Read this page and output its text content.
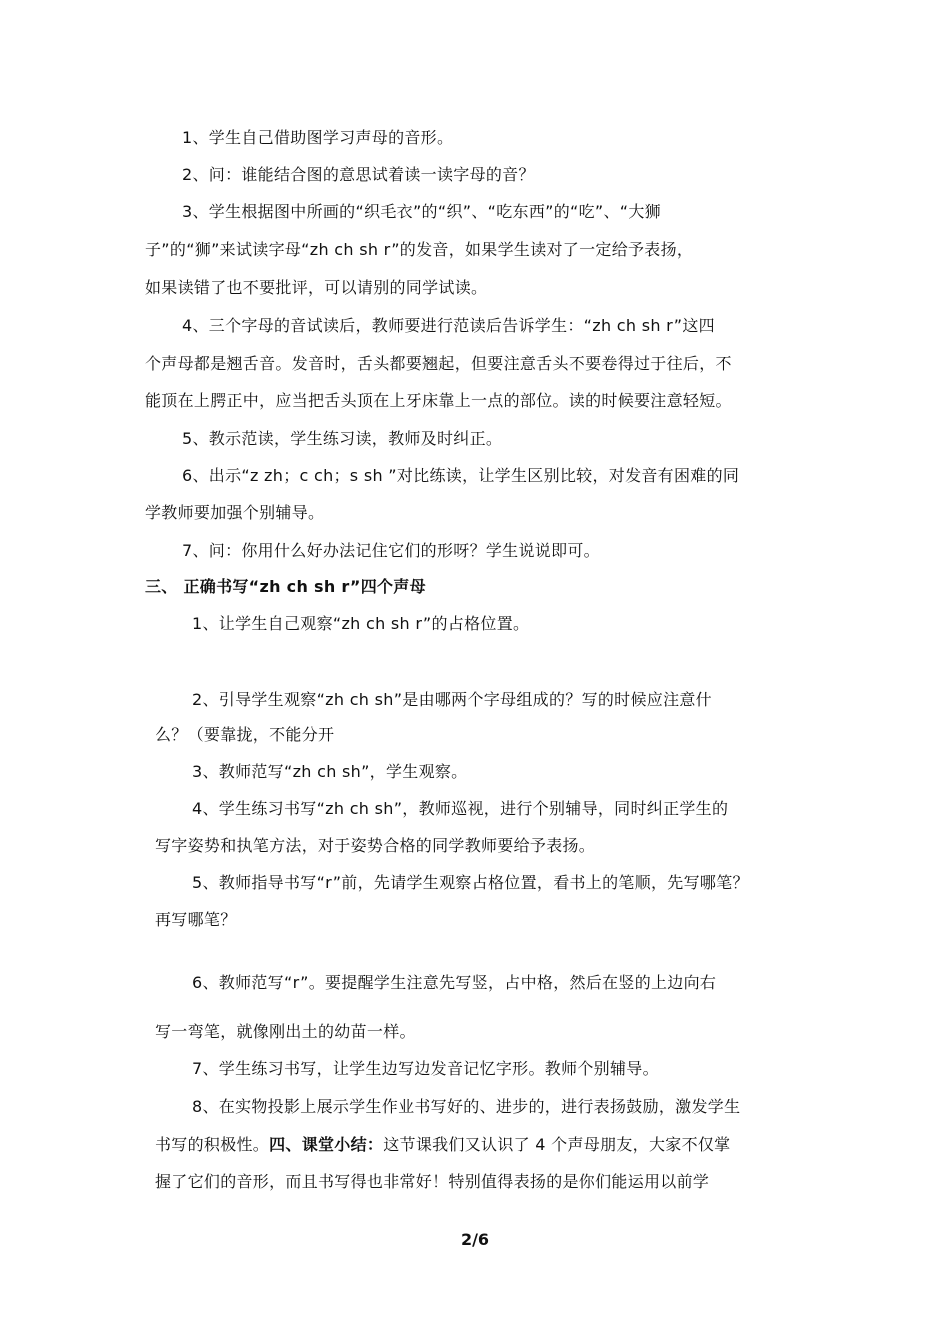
1、学生自己借助图学习声母的音形。
2、问：谁能结合图的意思试着读一读字母的音？
3、学生根据图中所画的“织毛衣”的“织”、“吃东西”的“吃”、“大狮
子”的“狮”来试读字母“zh ch sh r”的发音，如果学生读对了一定给予表扬，
如果读错了也不要批评，可以请别的同学试读。
4、三个字母的音试读后，教师要进行范读后告诉学生：“zh ch sh r”这四
个声母都是翘舌音。发音时，舌头都要翘起，但要注意舌头不要卷得过于往后，不
能顶在上腭正中，应当把舌头顶在上牙床靠上一点的部位。读的时候要注意轻短。
5、教示范读，学生练习读，教师及时纠正。
6、出示“z zh；c ch；s sh ”对比练读，让学生区别比较，对发音有困难的同
学教师要加强个别辅导。
7、问：你用什么好办法记住它们的形呀？学生说说即可。
三、 正确书写“zh ch sh r”四个声母
1、让学生自己观察“zh ch sh r”的占格位置。
2、引导学生观察“zh ch sh”是由哪两个字母组成的？写的时候应注意什
么？（要靠拢，不能分开
3、教师范写“zh ch sh”，学生观察。
4、学生练习书写“zh ch sh”，教师巡视，进行个别辅导，同时纠正学生的
写字姿势和执笔方法，对于姿势合格的同学教师要给予表扬。
5、教师指导书写“r”前，先请学生观察占格位置，看书上的笔顺，先写哪笔？
再写哪笔？
6、教师范写“r”。要提醒学生注意先写竖，占中格，然后在竖的上边向右
写一弯笔，就像刚出土的幼苗一样。
7、学生练习书写，让学生边写边发音记忆字形。教师个别辅导。
8、在实物投影上展示学生作业书写好的、进步的，进行表扬鼓励，激发学生
书写的积极性。四、课堂小结：这节课我们又认识了 4 个声母朋友，大家不仅掌
握了它们的音形，而且书写得也非常好！特别值得表扬的是你们能运用以前学
2/6
